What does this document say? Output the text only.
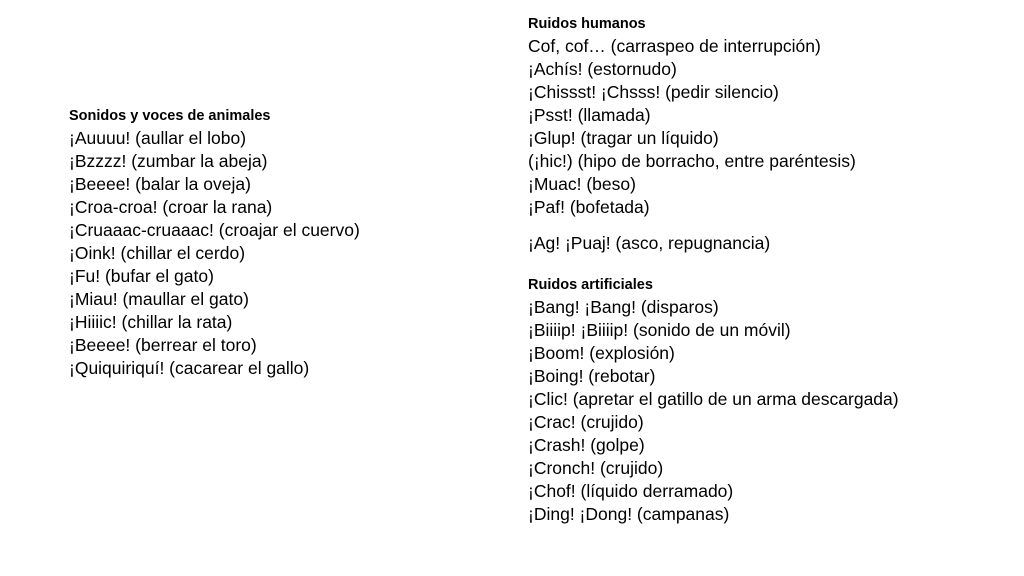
Sonidos y voces de animales
¡Auuuu! (aullar el lobo)
¡Bzzzz! (zumbar la abeja)
¡Beeee! (balar la oveja)
¡Croa-croa! (croar la rana)
¡Cruaaac-cruaaac! (croajar el cuervo)
¡Oink! (chillar el cerdo)
¡Fu! (bufar el gato)
¡Miau! (maullar el gato)
¡Hiiiic! (chillar la rata)
¡Beeee! (berrear el toro)
¡Quiquiriquí! (cacarear el gallo)
Ruidos humanos
Cof, cof… (carraspeo de interrupción)
¡Achís! (estornudo)
¡Chissst! ¡Chsss! (pedir silencio)
¡Psst! (llamada)
¡Glup! (tragar un líquido)
(¡hic!) (hipo de borracho, entre paréntesis)
¡Muac! (beso)
¡Paf! (bofetada)
¡Ag! ¡Puaj! (asco, repugnancia)
Ruidos artificiales
¡Bang! ¡Bang! (disparos)
¡Biiiip! ¡Biiiip! (sonido de un móvil)
¡Boom! (explosión)
¡Boing! (rebotar)
¡Clic! (apretar el gatillo de un arma descargada)
¡Crac! (crujido)
¡Crash! (golpe)
¡Cronch! (crujido)
¡Chof! (líquido derramado)
¡Ding! ¡Dong! (campanas)
